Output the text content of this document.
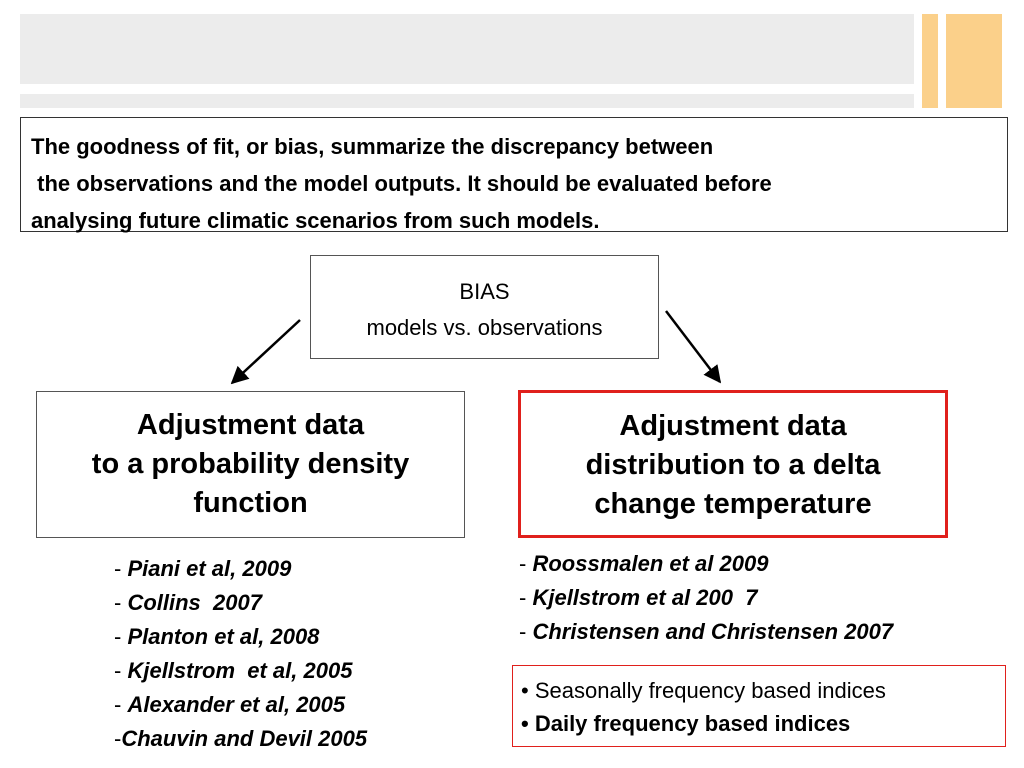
The goodness of fit, or bias, summarize the discrepancy between
the observations and the model outputs. It should be evaluated before
analysing future climatic scenarios from such models.
BIAS
models vs. observations
Adjustment data
to a probability density
function
Adjustment data
distribution to a delta
change temperature
- Piani et al, 2009
- Collins  2007
- Planton et al, 2008
- Kjellstrom  et al, 2005
- Alexander et al, 2005
-Chauvin and Devil 2005
- Roossmalen et al 2009
- Kjellstrom et al 200  7
- Christensen and Christensen 2007
• Seasonally frequency based indices
• Daily frequency based indices
